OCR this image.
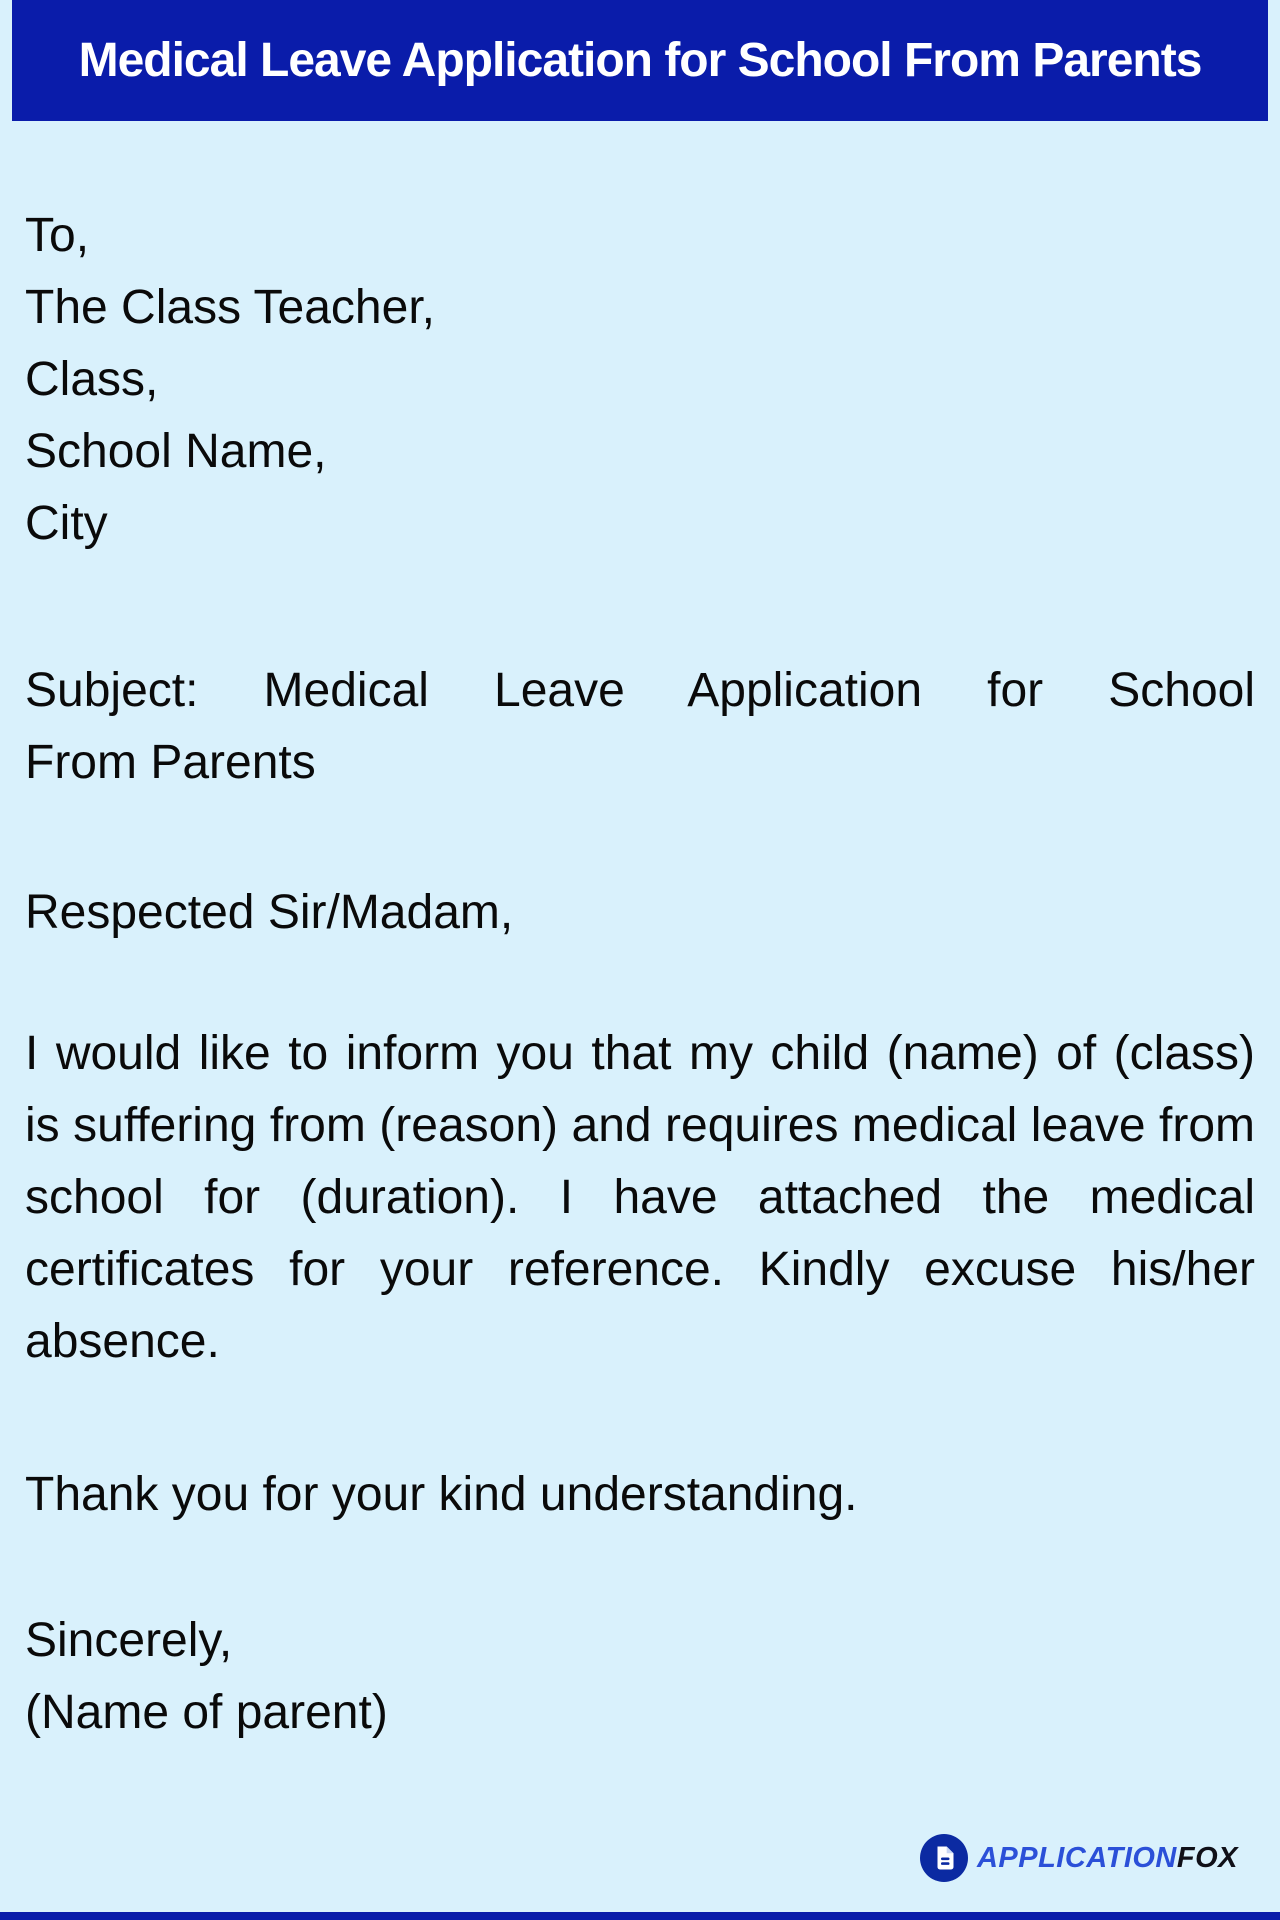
Medical Leave Application for School From Parents
To,
The Class Teacher,
Class,
School Name,
City
Subject: Medical Leave Application for School
From Parents
Respected Sir/Madam,
I would like to inform you that my child (name) of (class) is suffering from (reason) and requires medical leave from school for (duration). I have attached the medical certificates for your reference. Kindly excuse his/her absence.
Thank you for your kind understanding.
Sincerely,
(Name of parent)
APPLICATIONFOX
